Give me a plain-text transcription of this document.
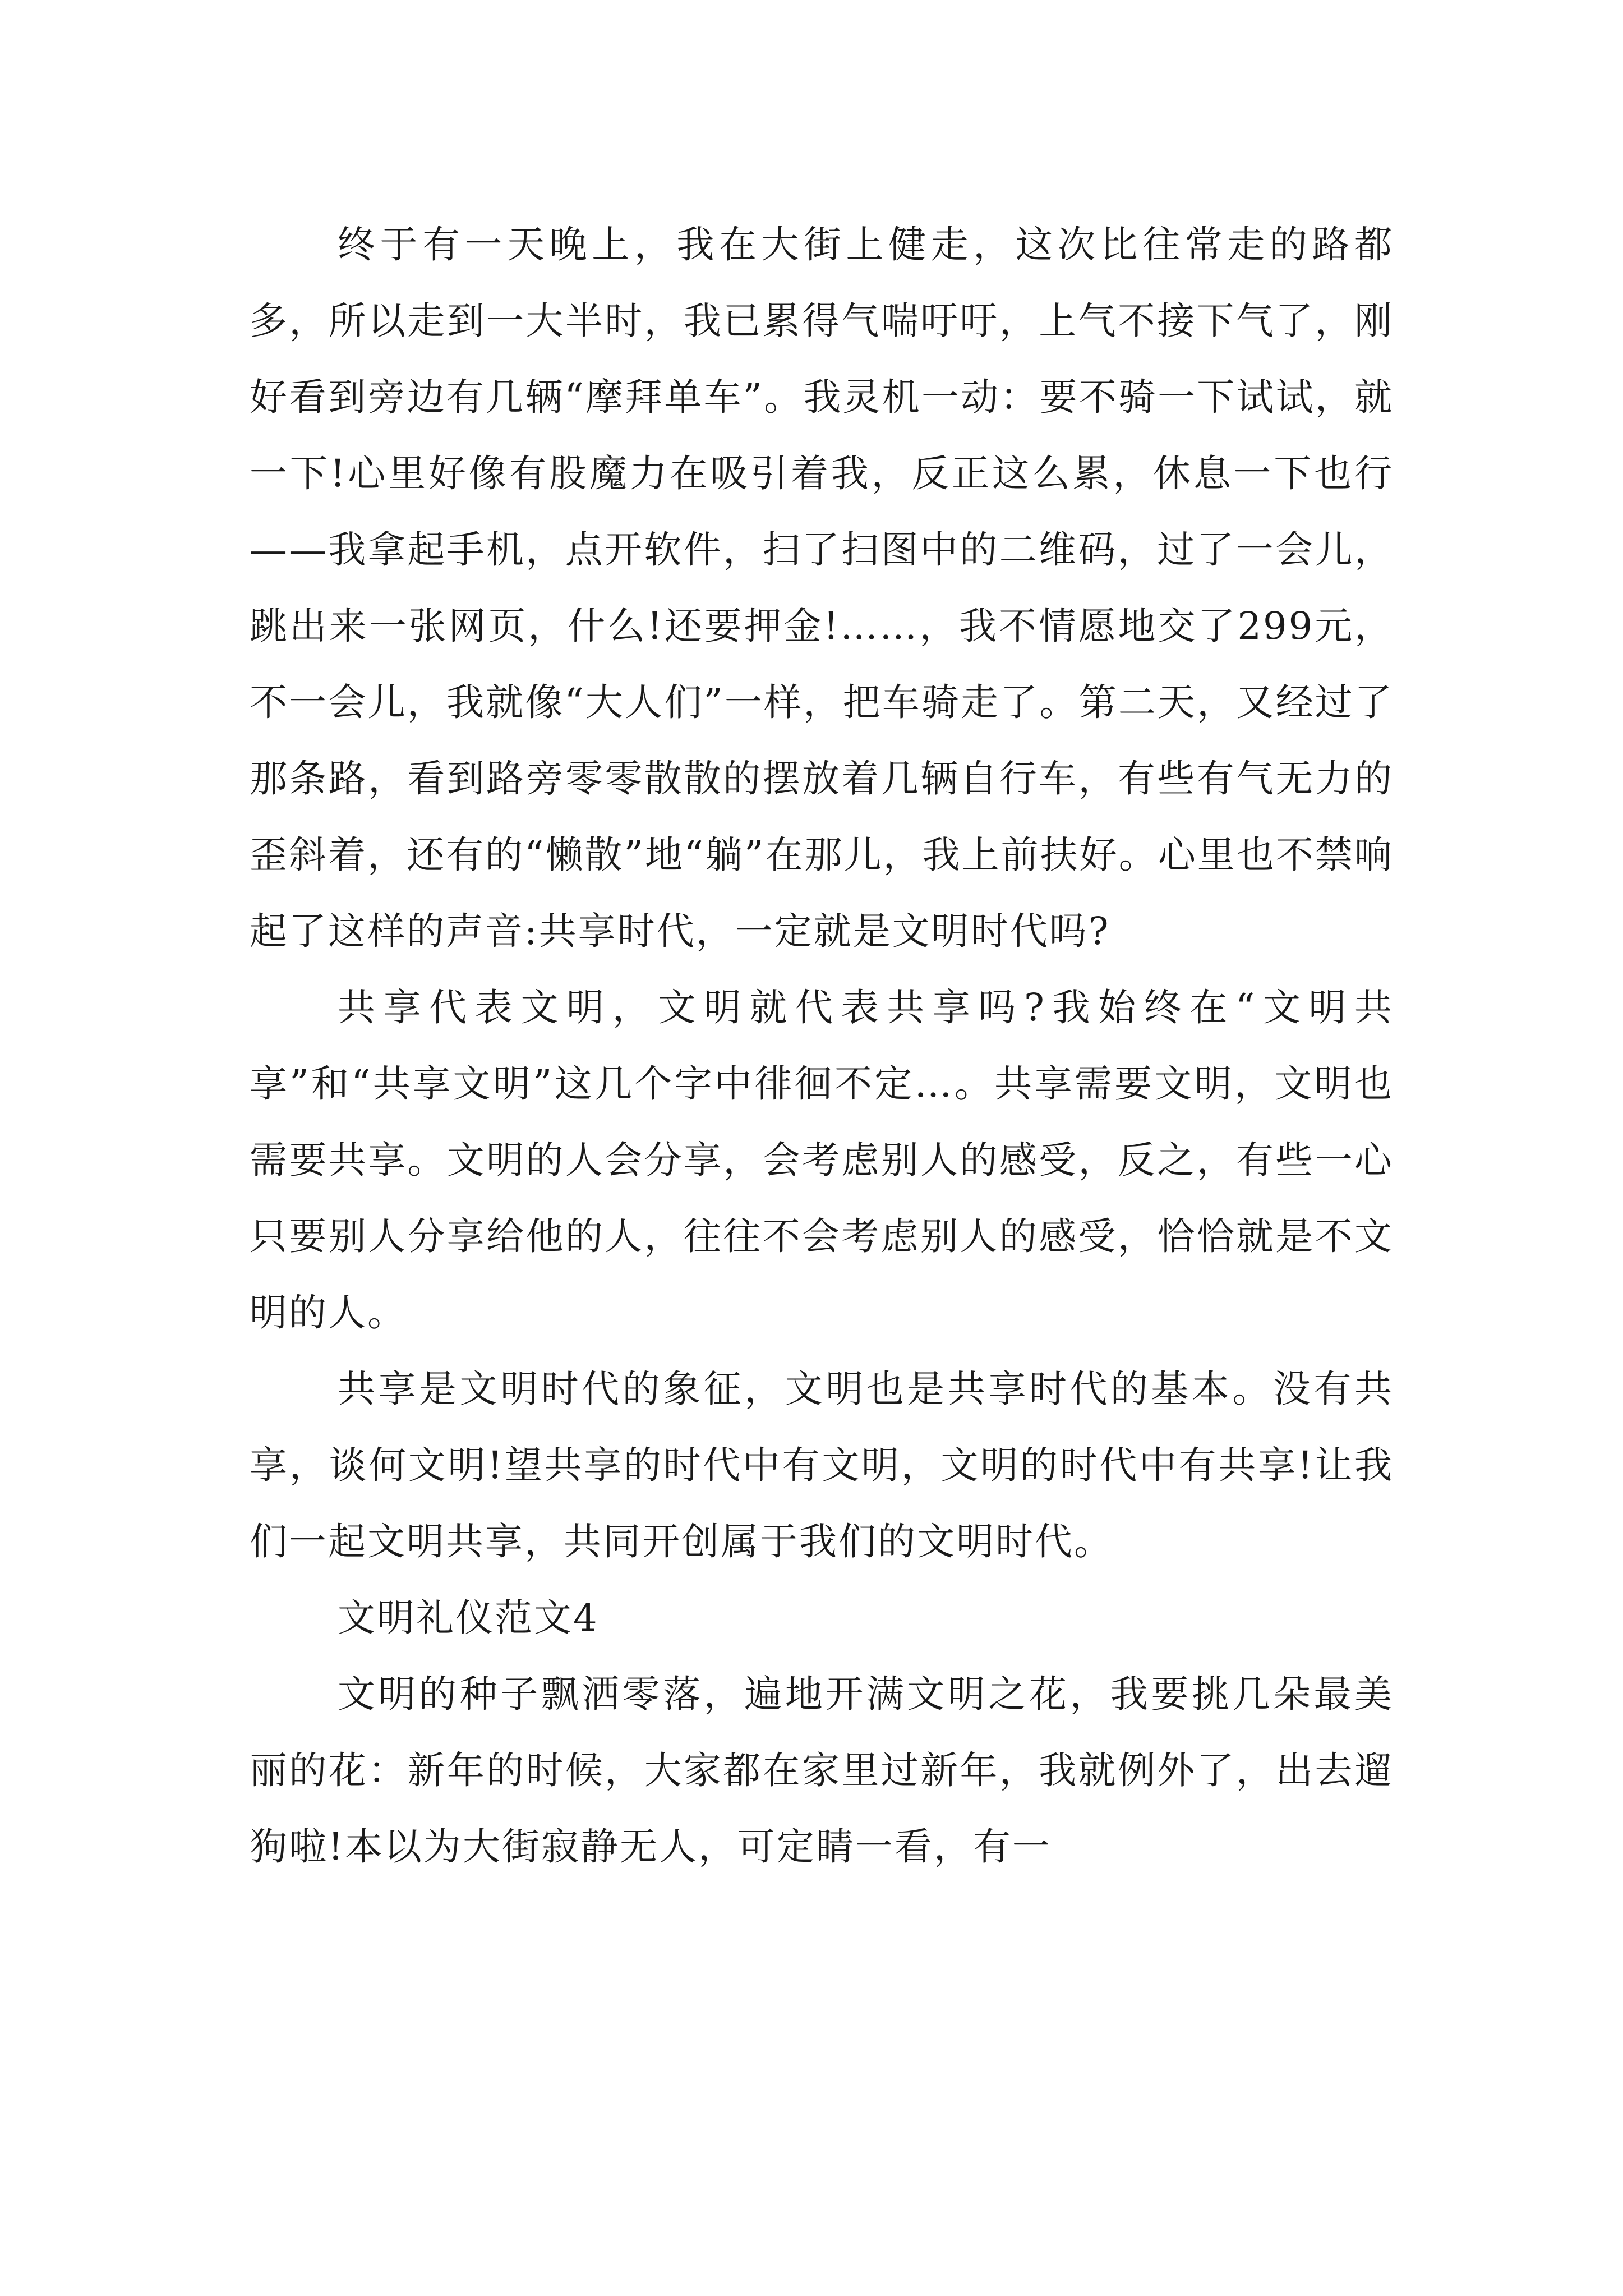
终于有一天晚上，我在大街上健走，这次比往常走的路都多，所以走到一大半时，我已累得气喘吁吁，上气不接下气了，刚好看到旁边有几辆“摩拜单车”。我灵机一动：要不骑一下试试，就一下!心里好像有股魔力在吸引着我，反正这么累，休息一下也行——我拿起手机，点开软件，扫了扫图中的二维码，过了一会儿，跳出来一张网页，什么!还要押金!……，我不情愿地交了299元，不一会儿，我就像“大人们”一样，把车骑走了。第二天，又经过了那条路，看到路旁零零散散的摆放着几辆自行车，有些有气无力的歪斜着，还有的“懒散”地“躺”在那儿，我上前扶好。心里也不禁响起了这样的声音:共享时代，一定就是文明时代吗?

共享代表文明，文明就代表共享吗?我始终在“文明共享”和“共享文明”这几个字中徘徊不定…。共享需要文明，文明也需要共享。文明的人会分享，会考虑别人的感受，反之，有些一心只要别人分享给他的人，往往不会考虑别人的感受，恰恰就是不文明的人。

共享是文明时代的象征，文明也是共享时代的基本。没有共享，谈何文明!望共享的时代中有文明，文明的时代中有共享!让我们一起文明共享，共同开创属于我们的文明时代。

文明礼仪范文4

文明的种子飘洒零落，遍地开满文明之花，我要挑几朵最美丽的花：新年的时候，大家都在家里过新年，我就例外了，出去遛狗啦!本以为大街寂静无人，可定睛一看，有一
